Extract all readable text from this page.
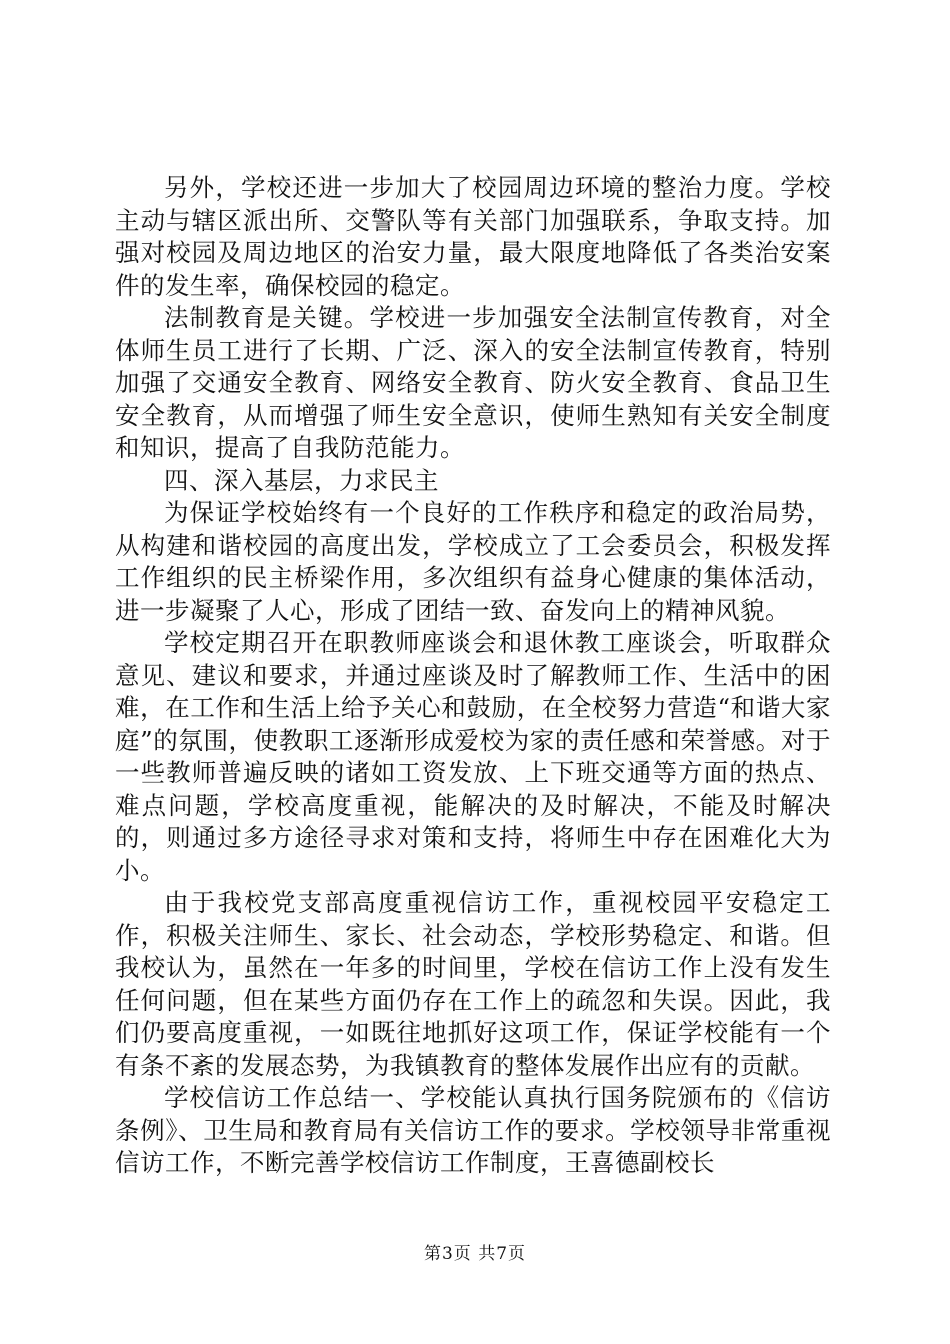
另外，学校还进一步加大了校园周边环境的整治力度。学校主动与辖区派出所、交警队等有关部门加强联系，争取支持。加强对校园及周边地区的治安力量，最大限度地降低了各类治安案件的发生率，确保校园的稳定。

法制教育是关键。学校进一步加强安全法制宣传教育，对全体师生员工进行了长期、广泛、深入的安全法制宣传教育，特别加强了交通安全教育、网络安全教育、防火安全教育、食品卫生安全教育，从而增强了师生安全意识，使师生熟知有关安全制度和知识，提高了自我防范能力。

四、深入基层，力求民主

为保证学校始终有一个良好的工作秩序和稳定的政治局势，从构建和谐校园的高度出发，学校成立了工会委员会，积极发挥工作组织的民主桥梁作用，多次组织有益身心健康的集体活动，进一步凝聚了人心，形成了团结一致、奋发向上的精神风貌。

学校定期召开在职教师座谈会和退休教工座谈会，听取群众意见、建议和要求，并通过座谈及时了解教师工作、生活中的困难，在工作和生活上给予关心和鼓励，在全校努力营造“和谐大家庭”的氛围，使教职工逐渐形成爱校为家的责任感和荣誉感。对于一些教师普遍反映的诸如工资发放、上下班交通等方面的热点、难点问题，学校高度重视，能解决的及时解决，不能及时解决的，则通过多方途径寻求对策和支持，将师生中存在困难化大为小。

由于我校党支部高度重视信访工作，重视校园平安稳定工作，积极关注师生、家长、社会动态，学校形势稳定、和谐。但我校认为，虽然在一年多的时间里，学校在信访工作上没有发生任何问题，但在某些方面仍存在工作上的疏忽和失误。因此，我们仍要高度重视，一如既往地抓好这项工作，保证学校能有一个有条不紊的发展态势，为我镇教育的整体发展作出应有的贡献。

学校信访工作总结一、学校能认真执行国务院颁布的《信访条例》、卫生局和教育局有关信访工作的要求。学校领导非常重视信访工作，不断完善学校信访工作制度，王喜德副校长

第3页 共7页
